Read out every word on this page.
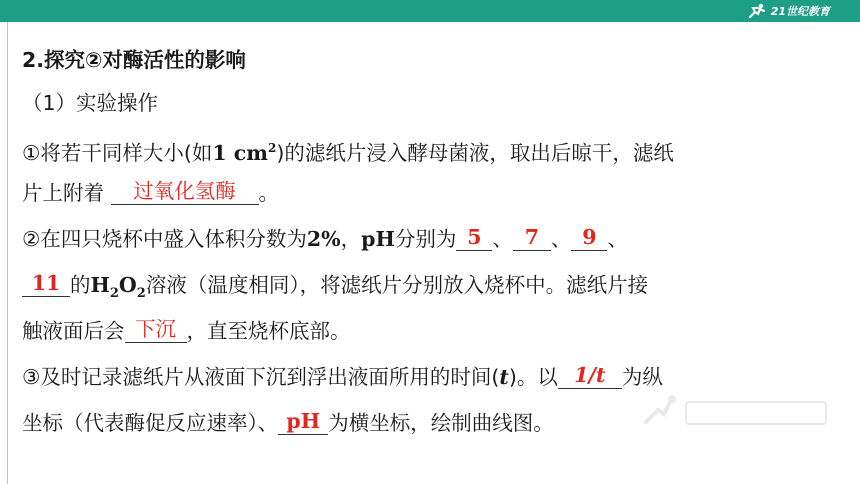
21世纪教育
2.探究②对酶活性的影响
（1）实验操作
①将若干同样大小(如1 $cm^2$)的滤纸片浸入酵母菌液，取出后晾干，滤纸
片上附着 过氧化氢酶 。
②在四只烧杯中盛入体积分数为2%，pH分别为 5 、 7 、 9 、
11 的$H_2O_2$溶液（温度相同），将滤纸片分别放入烧杯中。滤纸片接
触液面后会 下沉 ，直至烧杯底部。
③及时记录滤纸片从液面下沉到浮出液面所用的时间(t)。以 1/t 为纵
坐标（代表酶促反应速率）、 pH 为横坐标，绘制曲线图。
